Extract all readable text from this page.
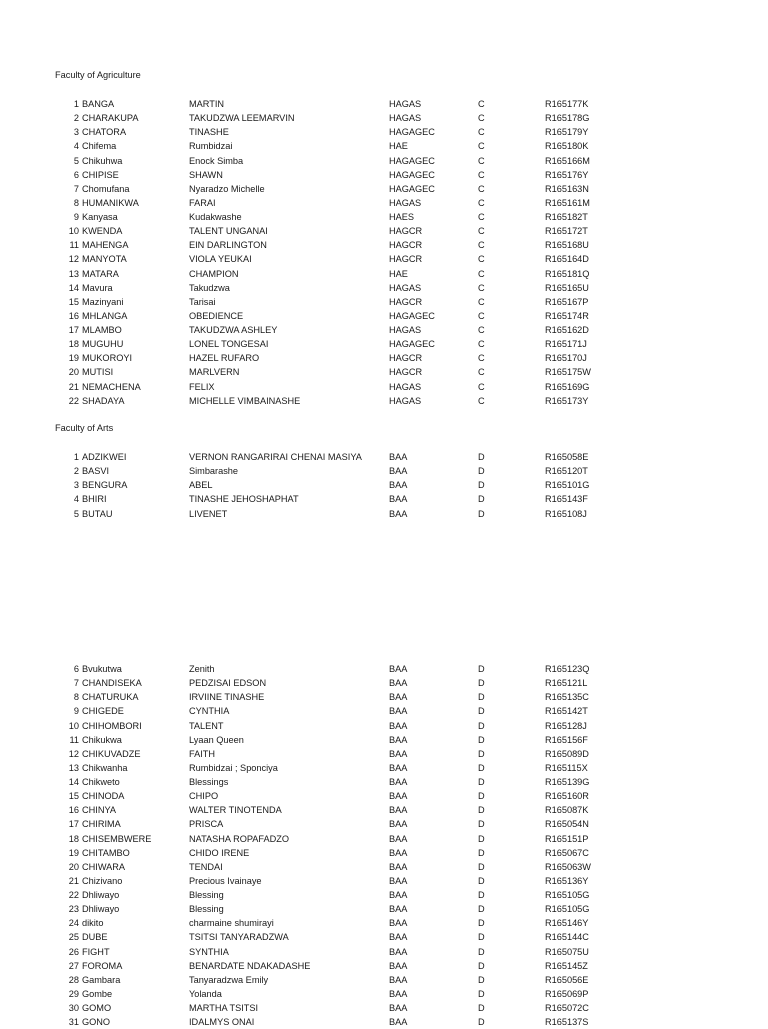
Faculty of Agriculture
1 BANGA	MARTIN	HAGAS	C	R165177K
2 CHARAKUPA	TAKUDZWA LEEMARVIN	HAGAS	C	R165178G
3 CHATORA	TINASHE	HAGAGEC	C	R165179Y
4 Chifema	Rumbidzai	HAE	C	R165180K
5 Chikuhwa	Enock Simba	HAGAGEC	C	R165166M
6 CHIPISE	SHAWN	HAGAGEC	C	R165176Y
7 Chomufana	Nyaradzo Michelle	HAGAGEC	C	R165163N
8 HUMANIKWA	FARAI	HAGAS	C	R165161M
9 Kanyasa	Kudakwashe	HAES	C	R165182T
10 KWENDA	TALENT UNGANAI	HAGCR	C	R165172T
11 MAHENGA	EIN DARLINGTON	HAGCR	C	R165168U
12 MANYOTA	VIOLA YEUKAI	HAGCR	C	R165164D
13 MATARA	CHAMPION	HAE	C	R165181Q
14 Mavura	Takudzwa	HAGAS	C	R165165U
15 Mazinyani	Tarisai	HAGCR	C	R165167P
16 MHLANGA	OBEDIENCE	HAGAGEC	C	R165174R
17 MLAMBO	TAKUDZWA ASHLEY	HAGAS	C	R165162D
18 MUGUHU	LONEL TONGESAI	HAGAGEC	C	R165171J
19 MUKOROYI	HAZEL RUFARO	HAGCR	C	R165170J
20 MUTISI	MARLVERN	HAGCR	C	R165175W
21 NEMACHENA	FELIX	HAGAS	C	R165169G
22 SHADAYA	MICHELLE VIMBAINASHE	HAGAS	C	R165173Y
Faculty of Arts
1 ADZIKWEI	VERNON RANGARIRAI CHENAI MASIYA	BAA	D	R165058E
2 BASVI	Simbarashe	BAA	D	R165120T
3 BENGURA	ABEL	BAA	D	R165101G
4 BHIRI	TINASHE JEHOSHAPHAT	BAA	D	R165143F
5 BUTAU	LIVENET	BAA	D	R165108J
6 Bvukutwa	Zenith	BAA	D	R165123Q
7 CHANDISEKA	PEDZISAI EDSON	BAA	D	R165121L
8 CHATURUKA	IRVIINE TINASHE	BAA	D	R165135C
9 CHIGEDE	CYNTHIA	BAA	D	R165142T
10 CHIHOMBORI	TALENT	BAA	D	R165128J
11 Chikukwa	Lyaan Queen	BAA	D	R165156F
12 CHIKUVADZE	FAITH	BAA	D	R165089D
13 Chikwanha	Rumbidzai ; Sponciya	BAA	D	R165115X
14 Chikweto	Blessings	BAA	D	R165139G
15 CHINODA	CHIPO	BAA	D	R165160R
16 CHINYA	WALTER TINOTENDA	BAA	D	R165087K
17 CHIRIMA	PRISCA	BAA	D	R165054N
18 CHISEMBWERE	NATASHA ROPAFADZO	BAA	D	R165151P
19 CHITAMBO	CHIDO IRENE	BAA	D	R165067C
20 CHIWARA	TENDAI	BAA	D	R165063W
21 Chizivano	Precious Ivainaye	BAA	D	R165136Y
22 Dhliwayo	Blessing	BAA	D	R165105G
23 Dhliwayo	Blessing	BAA	D	R165105G
24 dikito	charmaine shumirayi	BAA	D	R165146Y
25 DUBE	TSITSI TANYARADZWA	BAA	D	R165144C
26 FIGHT	SYNTHIA	BAA	D	R165075U
27 FOROMA	BENARDATE NDAKADASHE	BAA	D	R165145Z
28 Gambara	Tanyaradzwa Emily	BAA	D	R165056E
29 Gombe	Yolanda	BAA	D	R165069P
30 GOMO	MARTHA TSITSI	BAA	D	R165072C
31 GONO	IDALMYS ONAI	BAA	D	R165137S
